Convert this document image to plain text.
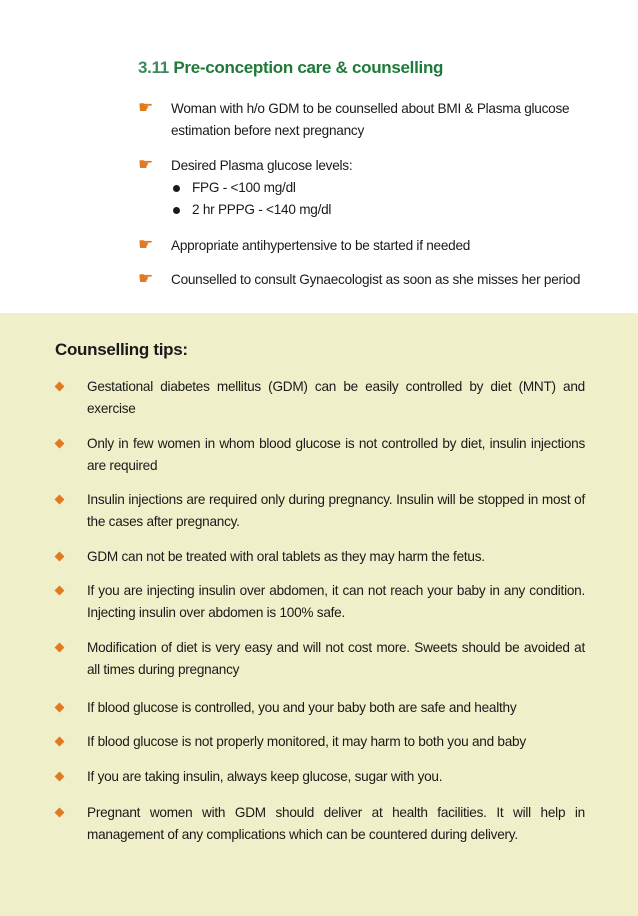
3.11 Pre-conception care & counselling
☛	Woman with h/o GDM to be counselled about BMI & Plasma glucose estimation before next pregnancy
☛	Desired Plasma glucose levels:
FPG - <100 mg/dl
2 hr PPPG - <140 mg/dl
☛	Appropriate antihypertensive to be started if needed
☛	Counselled to consult Gynaecologist as soon as she misses her period
Counselling tips:
Gestational diabetes mellitus (GDM) can be easily controlled by diet (MNT) and exercise
Only in few women in whom blood glucose is not controlled by diet, insulin injections are required
Insulin injections are required only during pregnancy. Insulin will be stopped in most of the cases after pregnancy.
GDM can not be treated with oral tablets as they may harm the fetus.
If you are injecting insulin over abdomen, it can not reach your baby in any condition. Injecting insulin over abdomen is 100% safe.
Modification of diet is very easy and will not cost more. Sweets should be avoided at all times during pregnancy
If blood glucose is controlled, you and your baby both are safe and healthy
If blood glucose is not properly monitored, it may harm to both you and baby
If you are taking insulin, always keep glucose, sugar with you.
Pregnant women with GDM should deliver at health facilities. It will help in management of any complications which can be countered during delivery.
